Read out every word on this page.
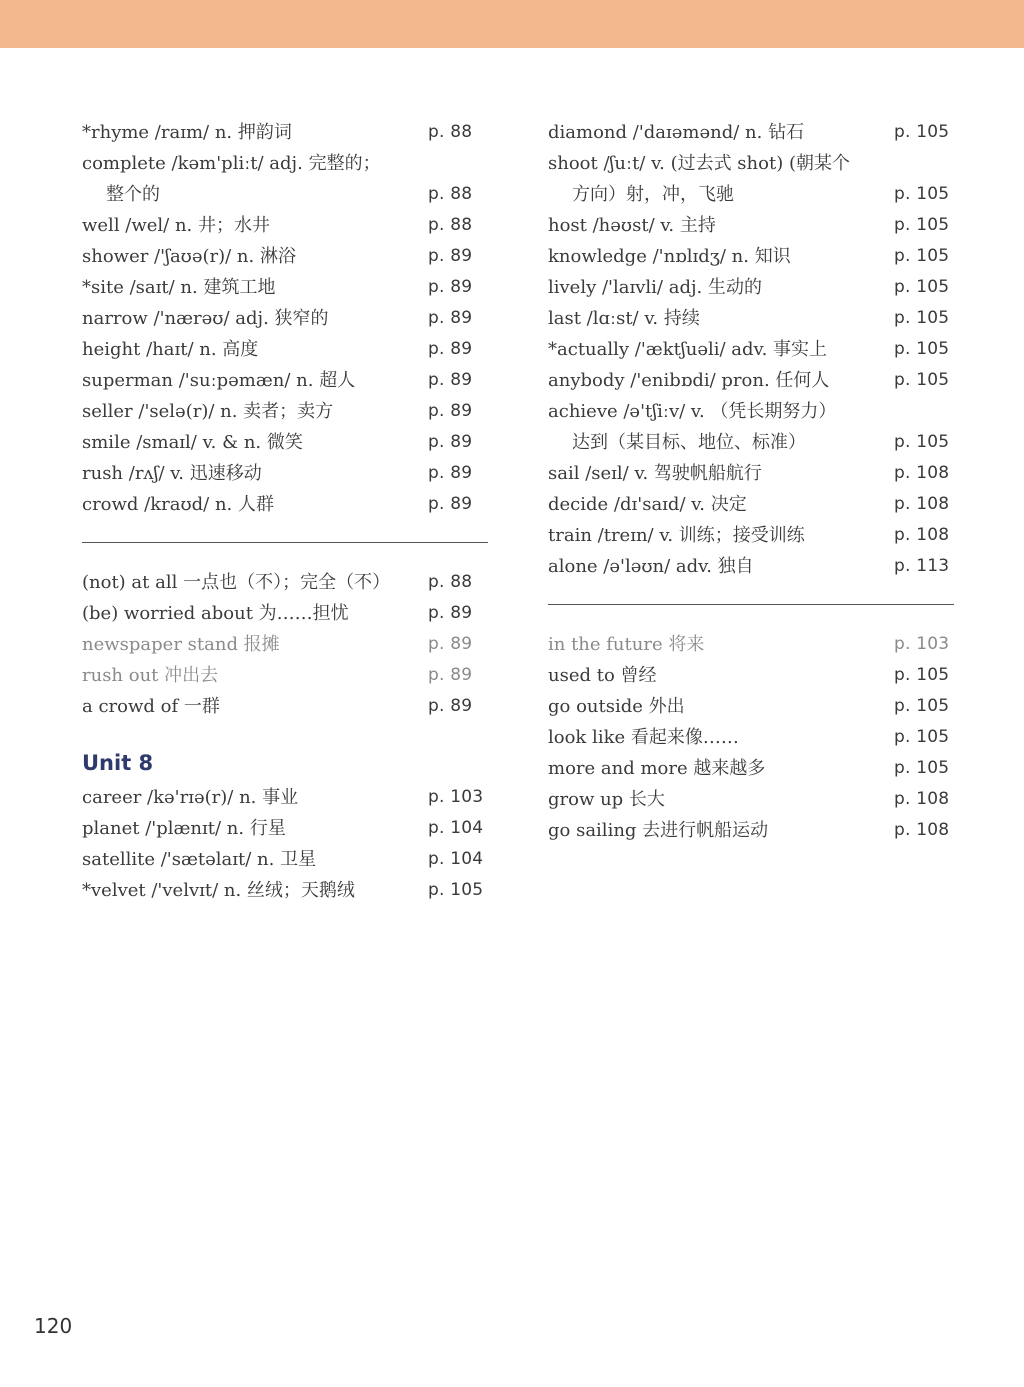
*rhyme /raɪm/ n. 押韵词	p. 88
complete /kəm'pliːt/ adj. 完整的；
整个的	p. 88
well /wel/ n. 井；水井	p. 88
shower /'ʃaʊə(r)/ n. 淋浴	p. 89
*site /saɪt/ n. 建筑工地	p. 89
narrow /'nærəʊ/ adj. 狭窄的	p. 89
height /haɪt/ n. 高度	p. 89
superman /'suːpəmæn/ n. 超人	p. 89
seller /'selə(r)/ n. 卖者；卖方	p. 89
smile /smaɪl/ v. & n. 微笑	p. 89
rush /rʌʃ/ v. 迅速移动	p. 89
crowd /kraʊd/ n. 人群	p. 89
(not) at all 一点也（不）；完全（不） p. 88
(be) worried about 为……担忧	p. 89
newspaper stand 报摊	p. 89
rush out 冲出去	p. 89
a crowd of 一群	p. 89
Unit 8
career /kə'rɪə(r)/ n. 事业	p. 103
planet /'plænɪt/ n. 行星	p. 104
satellite /'sætəlaɪt/ n. 卫星	p. 104
*velvet /'velvɪt/ n. 丝绒；天鹅绒	p. 105
diamond /'daɪəmənd/ n. 钻石	p. 105
shoot /ʃuːt/ v. (过去式 shot) (朝某个
方向）射，冲，飞驰	p. 105
host /həʊst/ v. 主持	p. 105
knowledge /'nɒlɪdʒ/ n. 知识	p. 105
lively /'laɪvli/ adj. 生动的	p. 105
last /lɑːst/ v. 持续	p. 105
*actually /'æktʃuəli/ adv. 事实上	p. 105
anybody /'enibɒdi/ pron. 任何人	p. 105
achieve /ə'tʃiːv/ v. （凭长期努力）
达到（某目标、地位、标准）	p. 105
sail /seɪl/ v. 驾驶帆船航行	p. 108
decide /dɪ'saɪd/ v. 决定	p. 108
train /treɪn/ v. 训练；接受训练	p. 108
alone /ə'ləʊn/ adv. 独自	p. 113
in the future 将来	p. 103
used to 曾经	p. 105
go outside 外出	p. 105
look like 看起来像……	p. 105
more and more 越来越多	p. 105
grow up 长大	p. 108
go sailing 去进行帆船运动	p. 108
120
